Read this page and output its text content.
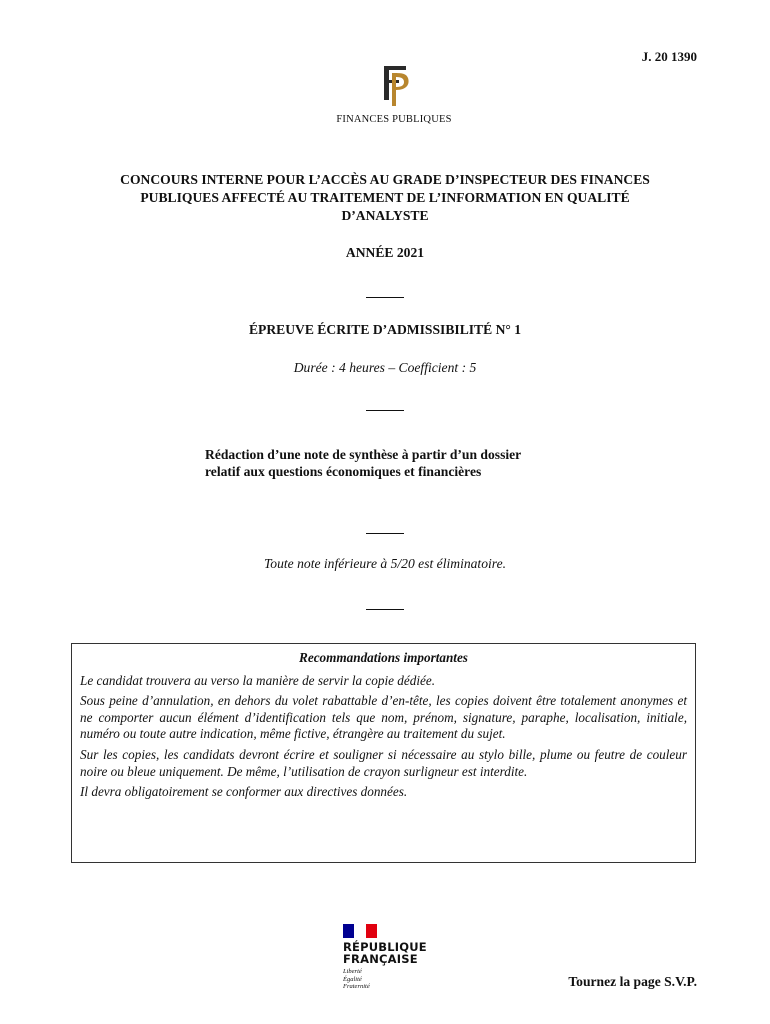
J. 20 1390
FINANCES PUBLIQUES
CONCOURS INTERNE POUR L’ACCÈS AU GRADE D’INSPECTEUR DES FINANCES
PUBLIQUES AFFECTÉ AU TRAITEMENT DE L’INFORMATION EN QUALITÉ
D’ANALYSTE
ANNÉE 2021
ÉPREUVE ÉCRITE D’ADMISSIBILITÉ N° 1
Durée : 4 heures – Coefficient : 5
Rédaction d’une note de synthèse à partir d’un dossier
relatif aux questions économiques et financières
Toute note inférieure à 5/20 est éliminatoire.
Recommandations importantes

Le candidat trouvera au verso la manière de servir la copie dédiée.

Sous peine d’annulation, en dehors du volet rabattable d’en-tête, les copies doivent être totalement anonymes et ne comporter aucun élément d’identification tels que nom, prénom, signature, paraphe, localisation, initiale, numéro ou toute autre indication, même fictive, étrangère au traitement du sujet.

Sur les copies, les candidats devront écrire et souligner si nécessaire au stylo bille, plume ou feutre de couleur noire ou bleue uniquement. De même, l’utilisation de crayon surligneur est interdite.

Il devra obligatoirement se conformer aux directives données.

RÉPUBLIQUE
FRANÇAISE
Liberté
Égalité
Fraternité	Tournez la page S.V.P.
